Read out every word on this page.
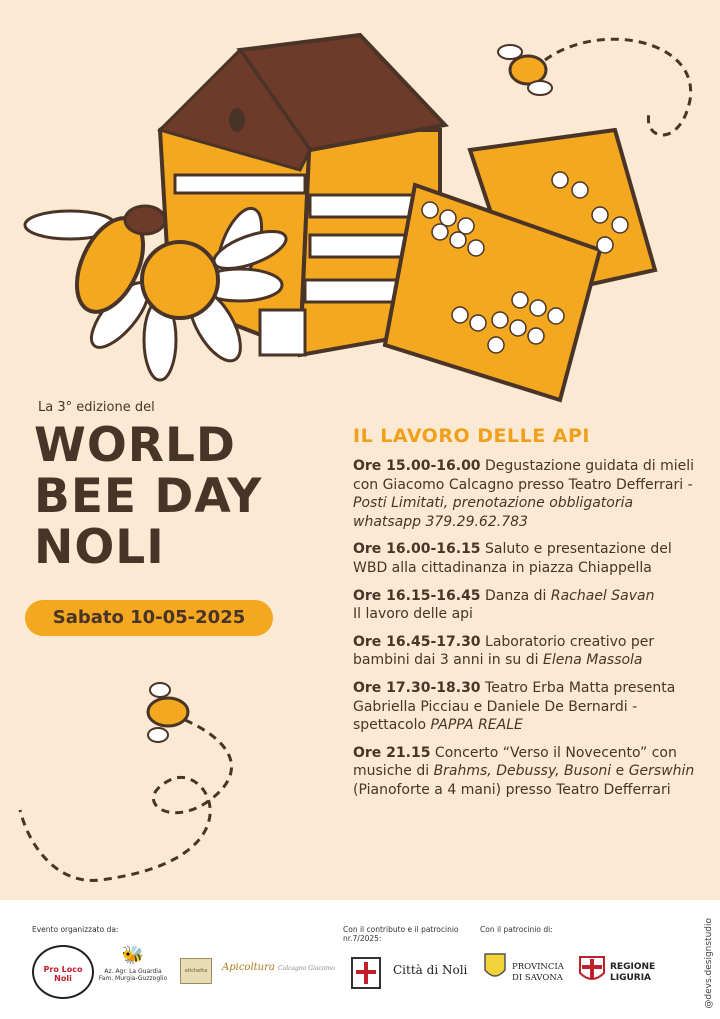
La 3° edizione del
WORLD
BEE DAY
NOLI
Sabato 10-05-2025
IL LAVORO DELLE API
Ore 15.00-16.00 Degustazione guidata di mieli con Giacomo Calcagno presso Teatro Defferrari - Posti Limitati, prenotazione obbligatoria whatsapp 379.29.62.783
Ore 16.00-16.15 Saluto e presentazione del WBD alla cittadinanza in piazza Chiappella
Ore 16.15-16.45 Danza di Rachael Savan
Il lavoro delle api
Ore 16.45-17.30 Laboratorio creativo per bambini dai 3 anni in su di Elena Massola
Ore 17.30-18.30 Teatro Erba Matta presenta Gabriella Picciau e Daniele De Bernardi - spettacolo PAPPA REALE
Ore 21.15 Concerto “Verso il Novecento” con musiche di Brahms, Debussy, Busoni e Gerswhin (Pianoforte a 4 mani) presso Teatro Defferrari
Evento organizzato da:	Con il contributo e il patrocinio nr.7/2025:
Con il patrocinio di:
Pro Loco Noli
🐝
Az. Agr. La Guardia
Fam. Murgia-Guzzoglio
etichetta	Apicoltura Calcagno Giacomo	Città di Noli	PROVINCIA
DI SAVONA
REGIONE
LIGURIA	@devs.designstudio
